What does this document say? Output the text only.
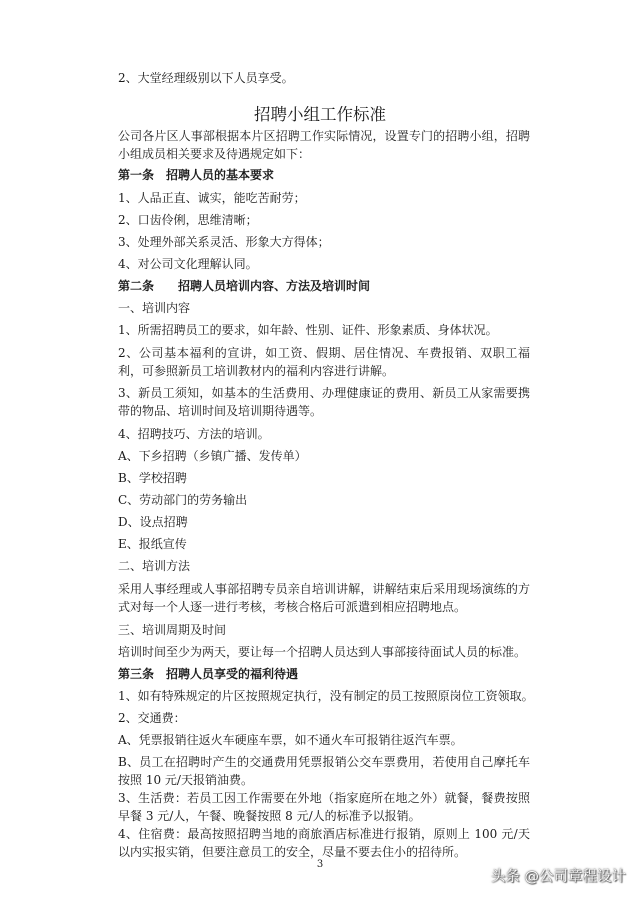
招聘小组工作标准
2、大堂经理级别以下人员享受。
公司各片区人事部根据本片区招聘工作实际情况，设置专门的招聘小组，招聘小组成员相关要求及待遇规定如下：
第一条　招聘人员的基本要求
1、人品正直、诚实，能吃苦耐劳；
2、口齿伶俐，思维清晰；
3、处理外部关系灵活、形象大方得体；
4、对公司文化理解认同。
第二条　　招聘人员培训内容、方法及培训时间
一、培训内容
1、所需招聘员工的要求，如年龄、性别、证件、形象素质、身体状况。
2、公司基本福利的宣讲，如工资、假期、居住情况、车费报销、双职工福利，可参照新员工培训教材内的福利内容进行讲解。
3、新员工须知，如基本的生活费用、办理健康证的费用、新员工从家需要携带的物品、培训时间及培训期待遇等。
4、招聘技巧、方法的培训。
A、下乡招聘（乡镇广播、发传单）
B、学校招聘
C、劳动部门的劳务输出
D、设点招聘
E、报纸宣传
二、培训方法
采用人事经理或人事部招聘专员亲自培训讲解，讲解结束后采用现场演练的方式对每一个人逐一进行考核，考核合格后可派遣到相应招聘地点。
三、培训周期及时间
培训时间至少为两天，要让每一个招聘人员达到人事部接待面试人员的标准。
第三条　招聘人员享受的福利待遇
1、如有特殊规定的片区按照规定执行，没有制定的员工按照原岗位工资领取。
2、交通费：
A、凭票报销往返火车硬座车票，如不通火车可报销往返汽车票。
B、员工在招聘时产生的交通费用凭票报销公交车票费用，若使用自己摩托车按照 10 元/天报销油费。
3、生活费：若员工因工作需要在外地（指家庭所在地之外）就餐，餐费按照早餐 3 元/人，午餐、晚餐按照 8 元/人的标准予以报销。
4、住宿费：最高按照招聘当地的商旅酒店标准进行报销，原则上 100 元/天以内实报实销，但要注意员工的安全，尽量不要去住小的招待所。
3
头条 @公司章程设计
